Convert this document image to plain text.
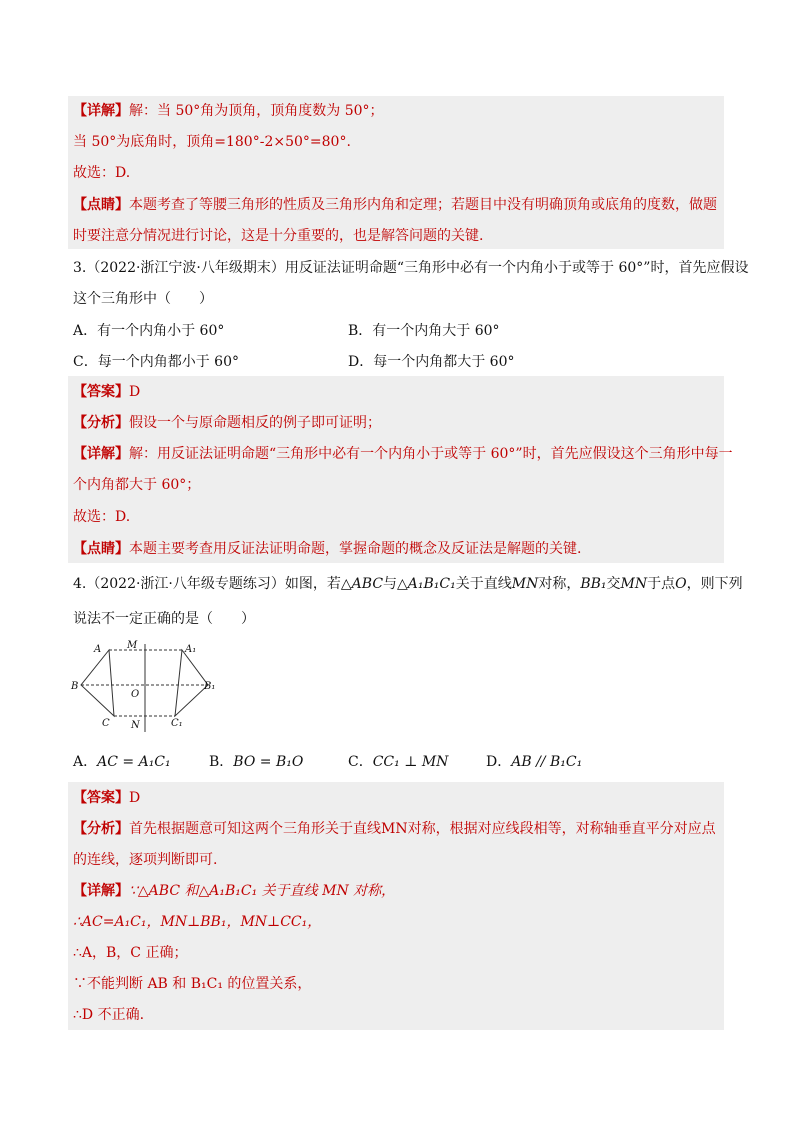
【详解】解：当 50°角为顶角，顶角度数为 50°；
当 50°为底角时，顶角=180°-2×50°=80°.
故选：D.
【点睛】本题考查了等腰三角形的性质及三角形内角和定理；若题目中没有明确顶角或底角的度数，做题
时要注意分情况进行讨论，这是十分重要的，也是解答问题的关键.
3.（2022·浙江宁波·八年级期末）用反证法证明命题“三角形中必有一个内角小于或等于 60°”时，首先应假设
这个三角形中（　　）
A．有一个内角小于 60°	B．有一个内角大于 60°
C．每一个内角都小于 60°	D．每一个内角都大于 60°
【答案】D
【分析】假设一个与原命题相反的例子即可证明；
【详解】解：用反证法证明命题“三角形中必有一个内角小于或等于 60°”时，首先应假设这个三角形中每一
个内角都大于 60°；
故选：D.
【点睛】本题主要考查用反证法证明命题，掌握命题的概念及反证法是解题的关键.
4.（2022·浙江·八年级专题练习）如图，若△ABC与△A₁B₁C₁关于直线MN对称，BB₁交MN于点O，则下列
说法不一定正确的是（　　）
A	M	A₁
B
O
B₁
C N	C₁
A．AC = A₁C₁	B．BO = B₁O	C．CC₁ ⊥ MN	D．AB // B₁C₁
【答案】D
【分析】首先根据题意可知这两个三角形关于直线MN对称，根据对应线段相等，对称轴垂直平分对应点
的连线，逐项判断即可.
【详解】∵△ABC 和△A₁B₁C₁ 关于直线 MN 对称，
∴AC=A₁C₁，MN⊥BB₁，MN⊥CC₁，
∴A，B，C 正确；
∵不能判断 AB 和 B₁C₁ 的位置关系，
∴D 不正确.
